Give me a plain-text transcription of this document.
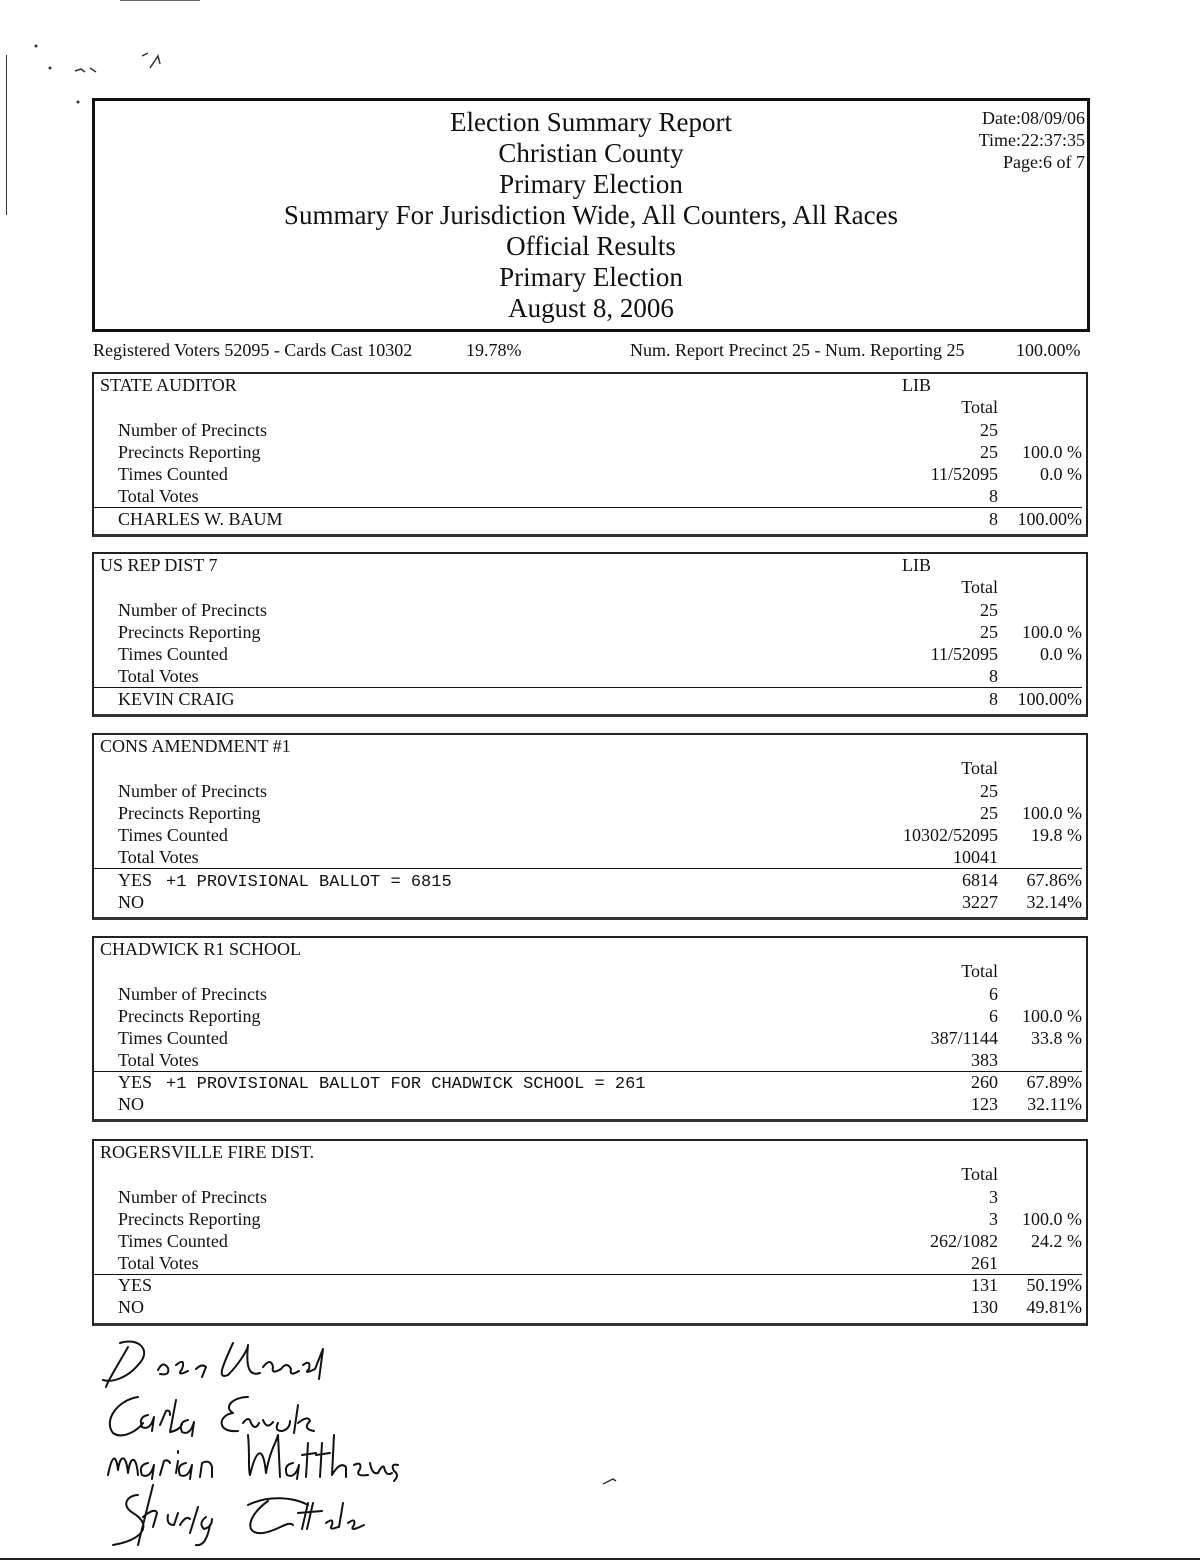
Election Summary Report
Christian County
Primary Election
Summary For Jurisdiction Wide, All Counters, All Races
Official Results
Primary Election
August 8, 2006
Date:08/09/06
Time:22:37:35
Page:6 of 7
Registered Voters 52095 - Cards Cast 10302	19.78%	Num. Report Precinct 25 - Num. Reporting 25	100.00%
STATE AUDITOR	LIB
Total
Number of Precincts	25
Precincts Reporting	25 100.0 %
Times Counted	11/52095 0.0 %
Total Votes	8
CHARLES W. BAUM	8 100.00%
US REP DIST 7	LIB
Total
Number of Precincts	25
Precincts Reporting	25 100.0 %
Times Counted	11/52095 0.0 %
Total Votes	8
KEVIN CRAIG	8 100.00%
CONS AMENDMENT #1
Total
Number of Precincts	25
Precincts Reporting	25 100.0 %
Times Counted	10302/52095 19.8 %
Total Votes	10041
YES +1 PROVISIONAL BALLOT = 6815	6814 67.86%
NO	3227 32.14%
CHADWICK R1 SCHOOL
Total
Number of Precincts	6
Precincts Reporting	6 100.0 %
Times Counted	387/1144 33.8 %
Total Votes	383
YES +1 PROVISIONAL BALLOT FOR CHADWICK SCHOOL = 261	260 67.89%
NO	123 32.11%
ROGERSVILLE FIRE DIST.
Total
Number of Precincts	3
Precincts Reporting	3 100.0 %
Times Counted	262/1082 24.2 %
Total Votes	261
YES	131 50.19%
NO	130 49.81%
